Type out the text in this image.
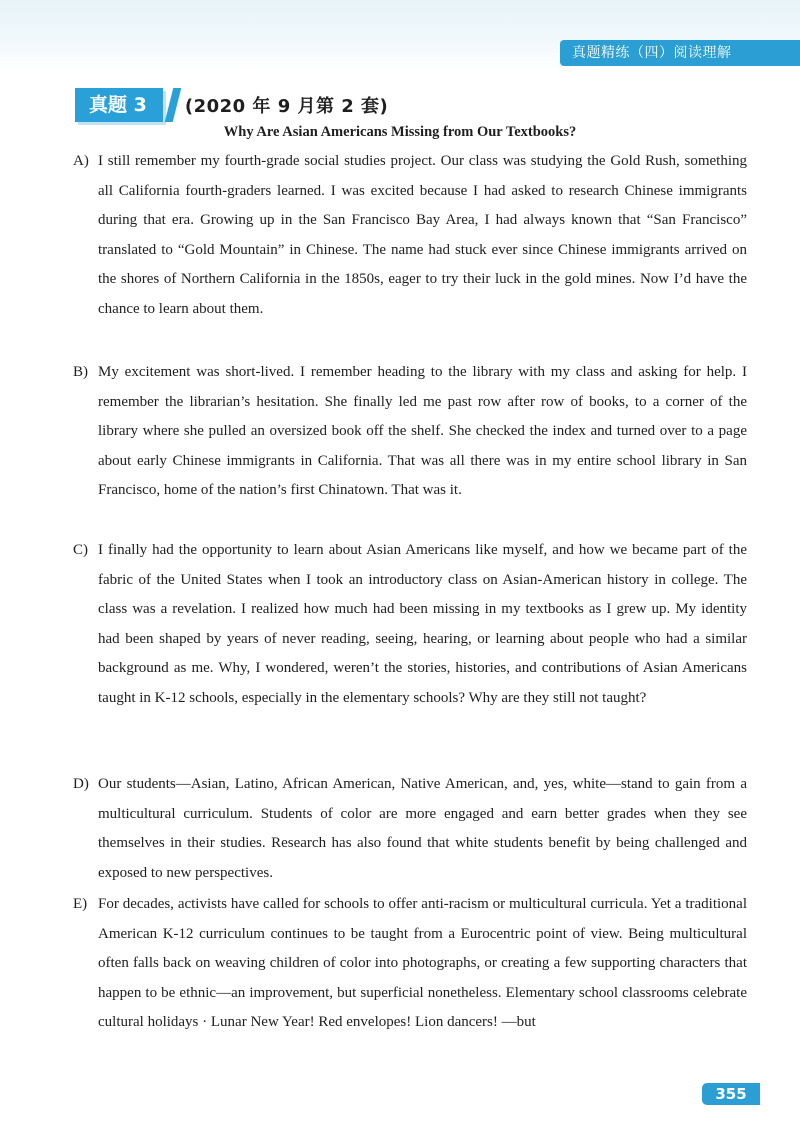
真题精练（四）阅读理解
真题 3	(2020 年 9 月第 2 套)
Why Are Asian Americans Missing from Our Textbooks?
A) I still remember my fourth-grade social studies project. Our class was studying the Gold Rush, something all California fourth-graders learned. I was excited because I had asked to research Chinese immigrants during that era. Growing up in the San Francisco Bay Area, I had always known that “San Francisco” translated to “Gold Mountain” in Chinese. The name had stuck ever since Chinese immigrants arrived on the shores of Northern California in the 1850s, eager to try their luck in the gold mines. Now I’d have the chance to learn about them.
B) My excitement was short-lived. I remember heading to the library with my class and asking for help. I remember the librarian’s hesitation. She finally led me past row after row of books, to a corner of the library where she pulled an oversized book off the shelf. She checked the index and turned over to a page about early Chinese immigrants in California. That was all there was in my entire school library in San Francisco, home of the nation’s first Chinatown. That was it.
C) I finally had the opportunity to learn about Asian Americans like myself, and how we became part of the fabric of the United States when I took an introductory class on Asian-American history in college. The class was a revelation. I realized how much had been missing in my textbooks as I grew up. My identity had been shaped by years of never reading, seeing, hearing, or learning about people who had a similar background as me. Why, I wondered, weren’t the stories, histories, and contributions of Asian Americans taught in K-12 schools, especially in the elementary schools? Why are they still not taught?
D) Our students—Asian, Latino, African American, Native American, and, yes, white—stand to gain from a multicultural curriculum. Students of color are more engaged and earn better grades when they see themselves in their studies. Research has also found that white students benefit by being challenged and exposed to new perspectives.
E) For decades, activists have called for schools to offer anti-racism or multicultural curricula. Yet a traditional American K-12 curriculum continues to be taught from a Eurocentric point of view. Being multicultural often falls back on weaving children of color into photographs, or creating a few supporting characters that happen to be ethnic—an improvement, but superficial nonetheless. Elementary school classrooms celebrate cultural holidays · Lunar New Year! Red envelopes! Lion dancers! —but
355
